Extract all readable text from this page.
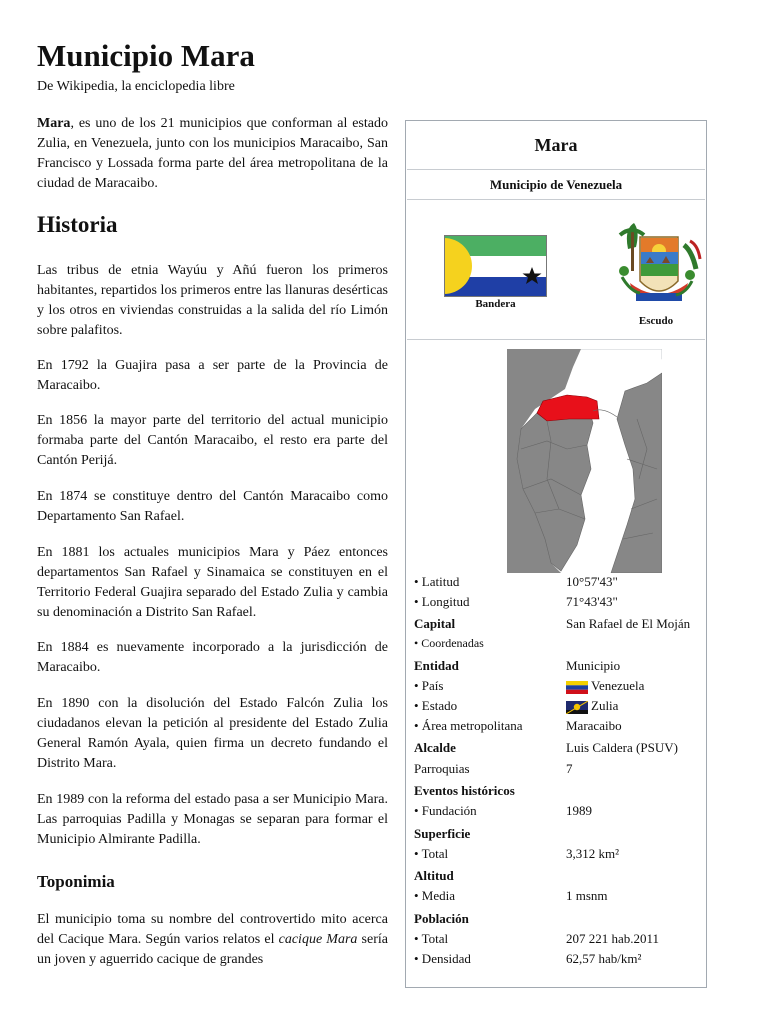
Municipio Mara
De Wikipedia, la enciclopedia libre

Mara, es uno de los 21 municipios que conforman al estado Zulia, en Venezuela, junto con los municipios Maracaibo, San Francisco y Lossada forma parte del área metropolitana de la ciudad de Maracaibo.

Historia
Las tribus de etnia Wayúu y Añú fueron los primeros habitantes, repartidos los primeros entre las llanuras desérticas y los otros en viviendas construidas a la salida del río Limón sobre palafitos.
En 1792 la Guajira pasa a ser parte de la Provincia de Maracaibo.
En 1856 la mayor parte del territorio del actual municipio formaba parte del Cantón Maracaibo, el resto era parte del Cantón Perijá.
En 1874 se constituye dentro del Cantón Maracaibo como Departamento San Rafael.
En 1881 los actuales municipios Mara y Páez entonces departamentos San Rafael y Sinamaica se constituyen en el Territorio Federal Guajira separado del Estado Zulia y cambia su denominación a Distrito San Rafael.
En 1884 es nuevamente incorporado a la jurisdicción de Maracaibo.
En 1890 con la disolución del Estado Falcón Zulia los ciudadanos elevan la petición al presidente del Estado Zulia General Ramón Ayala, quien firma un decreto fundando el Distrito Mara.
En 1989 con la reforma del estado pasa a ser Municipio Mara. Las parroquias Padilla y Monagas se separan para formar el Municipio Almirante Padilla.
Toponimia

El municipio toma su nombre del controvertido mito acerca del Cacique Mara. Según varios relatos el cacique Mara sería un joven y aguerrido cacique de grandes

Mara
Municipio de Venezuela
Bandera
Escudo
• Latitud	10°57'43"
• Longitud	71°43'43"
Capital	San Rafael de El Moján
• Coordenadas
Entidad	Municipio
• País	Venezuela
• Estado	Zulia
• Área metropolitana	Maracaibo
Alcalde	Luis Caldera (PSUV)
Parroquias	7
Eventos históricos
• Fundación	1989
Superficie
• Total	3,312 km²
Altitud
• Media	1 msnm
Población
• Total	207 221 hab.2011
• Densidad	62,57 hab/km²
